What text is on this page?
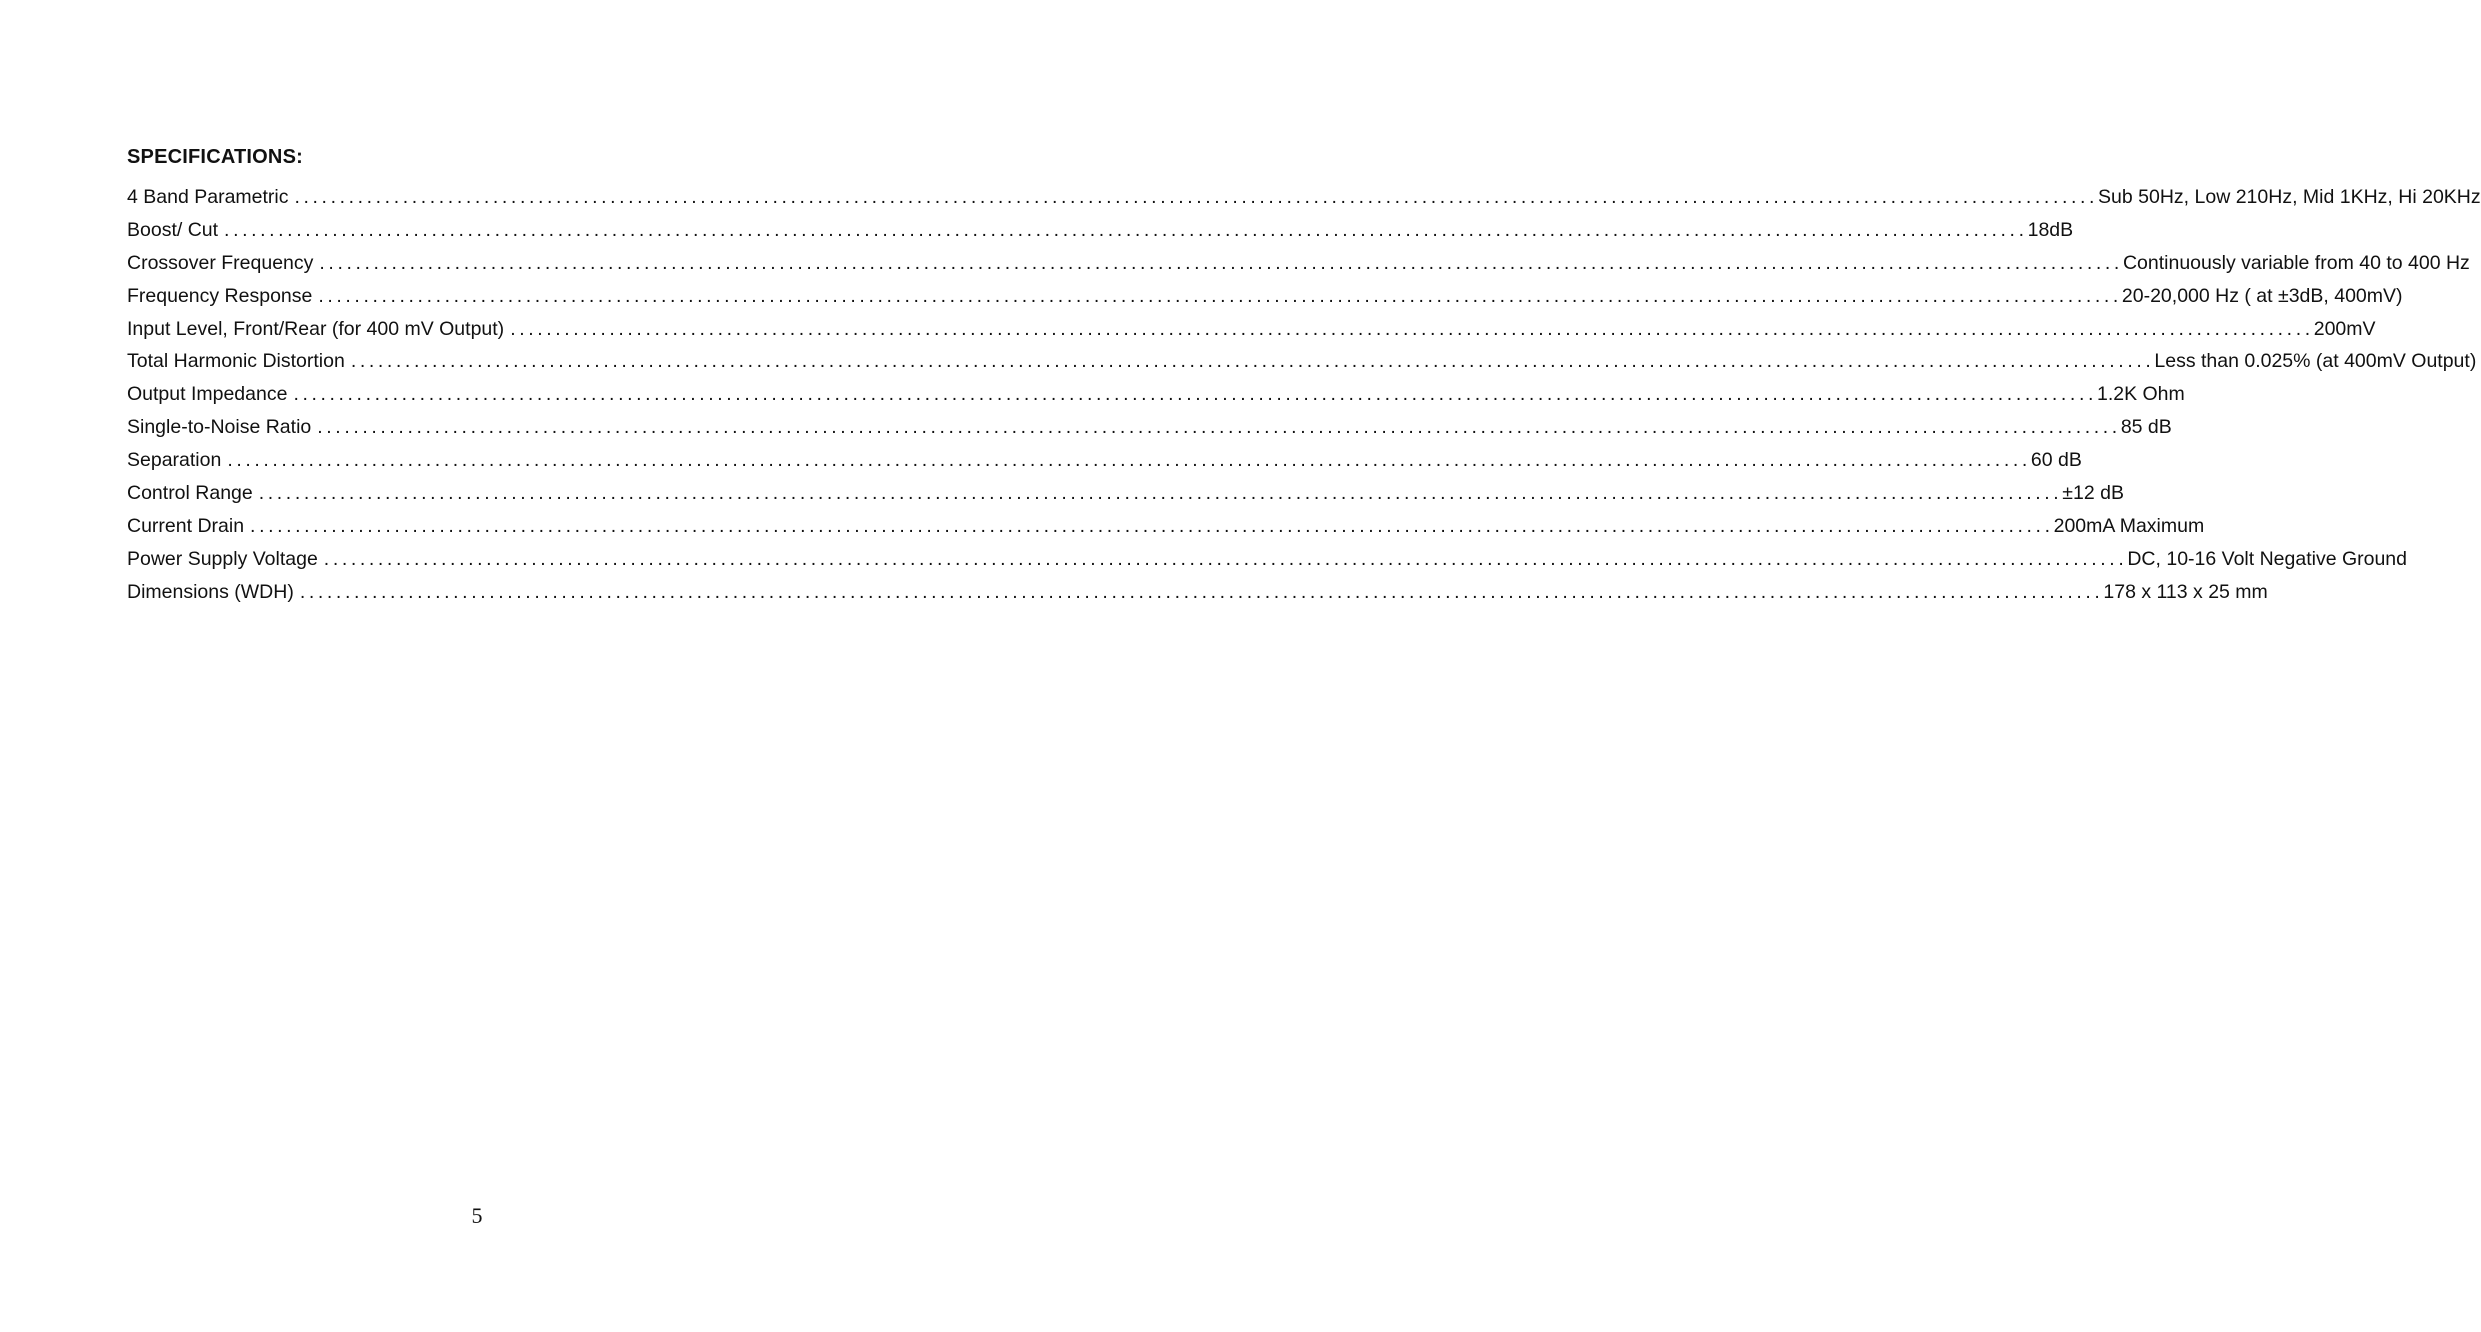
SPECIFICATIONS:
4 Band Parametric ........................................................................................................................................................................................................ Sub 50Hz, Low 210Hz, Mid 1KHz, Hi 20KHz
Boost/ Cut ........................................................................................................................................................................................................ 18dB
Crossover Frequency ........................................................................................................................................................................................................ Continuously variable from 40 to 400 Hz
Frequency Response ........................................................................................................................................................................................................ 20-20,000 Hz ( at ±3dB, 400mV)
Input Level, Front/Rear (for 400 mV Output) ........................................................................................................................................................................................................ 200mV
Total Harmonic Distortion ........................................................................................................................................................................................................ Less than 0.025% (at 400mV Output)
Output Impedance ........................................................................................................................................................................................................ 1.2K Ohm
Single-to-Noise Ratio ........................................................................................................................................................................................................ 85 dB
Separation ........................................................................................................................................................................................................ 60 dB
Control Range ........................................................................................................................................................................................................ ±12 dB
Current Drain ........................................................................................................................................................................................................ 200mA Maximum
Power Supply Voltage ........................................................................................................................................................................................................ DC, 10-16 Volt Negative Ground
Dimensions (WDH) ........................................................................................................................................................................................................ 178 x 113 x 25 mm
5
